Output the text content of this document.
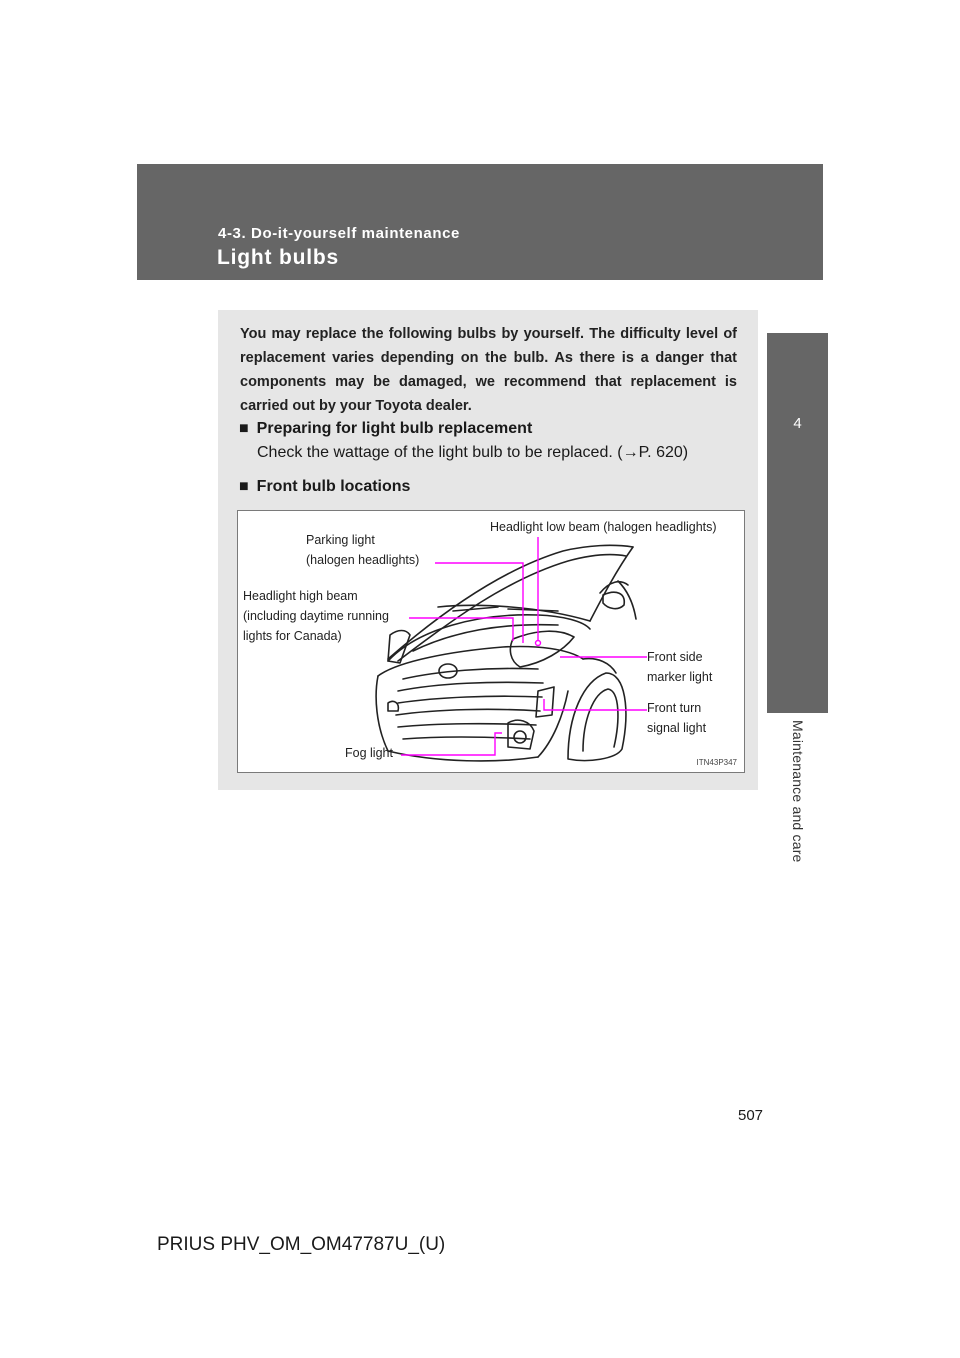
4-3. Do-it-yourself maintenance
Light bulbs
4
Maintenance and care

You may replace the following bulbs by yourself. The difficulty level of replacement varies depending on the bulb. As there is a danger that components may be damaged, we recommend that replacement is carried out by your Toyota dealer.

■ Preparing for light bulb replacement
Check the wattage of the light bulb to be replaced. (→P. 620)
■ Front bulb locations
Headlight low beam (halogen headlights)
Parking light
(halogen headlights)
Headlight high beam
(including daytime running
lights for Canada)
Front side
marker light
Front turn
signal light
Fog light
ITN43P347
507
PRIUS PHV_OM_OM47787U_(U)
